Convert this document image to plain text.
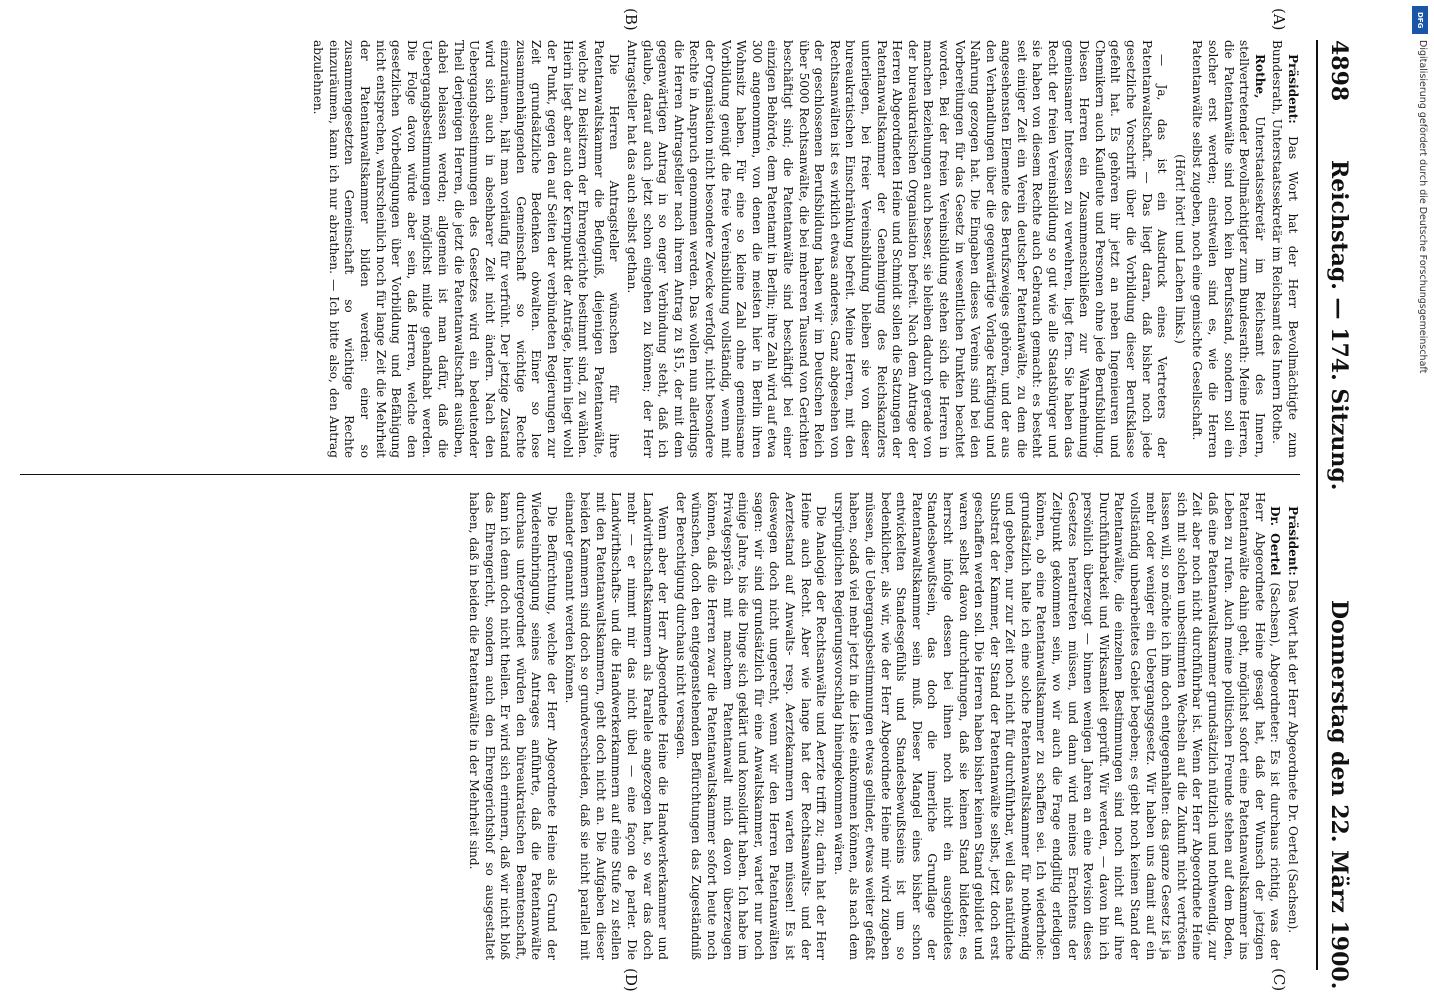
4898
Reichstag. — 174. Sitzung.
Donnerstag den 22. März 1900.
(A)
(B)
(C)
(D)

Präsident: Das Wort hat der Herr Bevollmächtigte zum Bundesrath, Unterstaatssekretär im Reichsamt des Innern Rothe.

Rothe, Unterstaatssekretär im Reichsamt des Innern, stellvertretender Bevollmächtigter zum Bundesrath: Meine Herren, die Patentanwälte sind noch kein Berufsstand, sondern soll ein solcher erst werden; einstweilen sind es, wie die Herren Patentanwälte selbst zugeben, noch eine gemischte Gesellschaft.

(Hört! hört! und Lachen links.)

— Ja, das ist ein Ausdruck eines Vertreters der Patentanwaltschaft. — Das liegt daran, daß bisher noch jede gesetzliche Vorschrift über die Vorbildung dieser Berufsklasse gefehlt hat. Es gehören ihr jetzt an neben Ingenieuren und Chemikern auch Kaufleute und Personen ohne jede Berufsbildung. Diesen Herren ein Zusammenschließen zur Wahrnehmung gemeinsamer Interessen zu verwehren, liegt fern. Sie haben das Recht der freien Vereinsbildung so gut wie alle Staatsbürger und sie haben von diesem Rechte auch Gebrauch gemacht: es besteht seit einiger Zeit ein Verein deutscher Patentanwälte, zu dem die angesehensten Elemente des Berufszweiges gehören, und der aus den Verhandlungen über die gegenwärtige Vorlage kräftigung und Nahrung gezogen hat. Die Eingaben dieses Vereins sind bei den Vorbereitungen für das Gesetz in wesentlichen Punkten beachtet worden. Bei der freien Vereinsbildung stehen sich die Herren in manchen Beziehungen auch besser, sie bleiben dadurch gerade von der bureaukratischen Organisation befreit. Nach dem Antrage der Herren Abgeordneten Heine und Schmidt sollen die Satzungen der Patentanwaltskammer der Genehmigung des Reichskanzlers unterliegen, bei freier Vereinsbildung bleiben sie von dieser bureaukratischen Einschränkung befreit. Meine Herren, mit den Rechtsanwälten ist es wirklich etwas anderes. Ganz abgesehen von der geschlossenen Berufsbildung haben wir im Deutschen Reich über 5000 Rechtsanwälte, die bei mehreren Tausend von Gerichten beschäftigt sind; die Patentanwälte sind beschäftigt bei einer einzigen Behörde, dem Patentamt in Berlin; ihre Zahl wird auf etwa 300 angenommen, von denen die meisten hier in Berlin ihren Wohnsitz haben. Für eine so kleine Zahl ohne gemeinsame Vorbildung genügt die freie Vereinsbildung vollständig, wenn mit der Organisation nicht besondere Zwecke verfolgt, nicht besondere Rechte in Anspruch genommen werden. Das wollen nun allerdings die Herren Antragsteller nach ihrem Antrag zu §15, der mit dem gegenwärtigen Antrag in so enger Verbindung steht, daß ich glaube, darauf auch jetzt schon eingehen zu können; der Herr Antragsteller hat das auch selbst gethan.

Die Herren Antragsteller wünschen für ihre Patentanwaltskammer die Befugniß, diejenigen Patentanwälte, welche zu Beisitzern der Ehrengerichte bestimmt sind, zu wählen. Hierin liegt aber auch der Kernpunkt der Anträge, hierin liegt wohl der Punkt, gegen den auf Seiten der verbündeten Regierungen zur Zeit grundsätzliche Bedenken obwalten. Einer so lose zusammenhängenden Gemeinschaft so wichtige Rechte einzuräumen, hält man vorläufig für verfrüht. Der jetzige Zustand wird sich auch in absehbarer Zeit nicht ändern. Nach den Uebergangsbestimmungen des Gesetzes wird ein bedeutender Theil derjenigen Herren, die jetzt die Patentanwaltschaft ausüben, dabei belassen werden; allgemein ist man dafür, daß die Uebergangsbestimmungen möglichst milde gehandhabt werden. Die Folge davon würde aber sein, daß Herren, welche den gesetzlichen Vorbedingungen über Vorbildung und Befähigung nicht entsprechen, wahrscheinlich noch für lange Zeit die Mehrheit der Patentanwaltskammer bilden werden: einer so zusammengesetzten Gemeinschaft so wichtige Rechte einzuräumen, kann ich nur abrathen. — Ich bitte also, den Antrag abzulehnen.

Präsident: Das Wort hat der Herr Abgeordnete Dr. Oertel (Sachsen).

Dr. Oertel (Sachsen), Abgeordneter: Es ist durchaus richtig, was der Herr Abgeordnete Heine gesagt hat, daß der Wunsch der jetzigen Patentanwälte dahin geht, möglichst sofort eine Patentanwaltskammer ins Leben zu rufen. Auch meine politischen Freunde stehen auf dem Boden, daß eine Patentanwaltskammer grundsätzlich nützlich und nothwendig, zur Zeit aber noch nicht durchführbar ist. Wenn der Herr Abgeordnete Heine sich mit solchen unbestimmten Wechseln auf die Zukunft nicht vertrösten lassen will, so möchte ich ihm doch entgegenhalten: das ganze Gesetz ist ja mehr oder weniger ein Uebergangsgesetz. Wir haben uns damit auf ein vollständig unbearbeitetes Gebiet begeben; es giebt noch keinen Stand der Patentanwälte, die einzelnen Bestimmungen sind noch nicht auf ihre Durchführbarkeit und Wirksamkeit geprüft. Wir werden, — davon bin ich persönlich überzeugt — binnen wenigen Jahren an eine Revision dieses Gesetzes herantreten müssen, und dann wird meines Erachtens der Zeitpunkt gekommen sein, wo wir auch die Frage endgiltig erledigen können, ob eine Patentanwaltskammer zu schaffen sei. Ich wiederhole: grundsätzlich halte ich eine solche Patentanwaltskammer für nothwendig und geboten, nur zur Zeit noch nicht für durchführbar, weil das natürliche Substrat der Kammer, der Stand der Patentanwälte selbst, jetzt doch erst geschaffen werden soll. Die Herren haben bisher keinen Stand gebildet und waren selbst davon durchdrungen, daß sie keinen Stand bildeten; es herrscht infolge dessen bei ihnen noch nicht ein ausgebildetes Standesbewußtsein, das doch die innerliche Grundlage der Patentanwaltskammer sein muß. Dieser Mangel eines bisher schon entwickelten Standesgefühls und Standesbewußtseins ist um so bedenklicher, als wir, wie der Herr Abgeordnete Heine mir wird zugeben müssen, die Uebergangsbestimmungen etwas gelinder, etwas weiter gefaßt haben, sodaß viel mehr jetzt in die Liste einkommen können, als nach dem ursprünglichen Regierungsvorschlag hineingekommen wären.

Die Analogie der Rechtsanwälte und Aerzte trifft zu; darin hat der Herr Heine auch Recht. Aber wie lange hat der Rechtsanwalts- und der Aerztestand auf Anwalts- resp. Aerztekammern warten müssen! Es ist deswegen doch nicht ungerecht, wenn wir den Herren Patentanwälten sagen: wir sind grundsätzlich für eine Anwaltskammer, wartet nur noch einige Jahre, bis die Dinge sich geklärt und konsolidirt haben. Ich habe im Privatgespräch mit manchem Patentanwalt mich davon überzeugen können, daß die Herren zwar die Patentanwaltskammer sofort heute noch wünschen, doch den entgegenstehenden Befürchtungen das Zugeständniß der Berechtigung durchaus nicht versagen.

Wenn aber der Herr Abgeordnete Heine die Handwerkerkammer und Landwirthschaftskammern als Parallele angezogen hat, so war das doch mehr — er nimmt mir das nicht übel — eine façon de parler. Die Landwirthschafts- und die Handwerkerkammern auf eine Stufe zu stellen mit den Patentanwaltskammern, geht doch nicht an. Die Aufgaben dieser beiden Kammern sind doch so grundverschieden, daß sie nicht parallel mit einander genannt werden können.

Die Befürchtung, welche der Herr Abgeordnete Heine als Grund der Wiedereinbringung seines Antrages anführte, daß die Patentanwälte durchaus untergeordnet würden den büreaukratischen Beamtenschaft, kann ich denn doch nicht theilen. Er wird sich erinnern, daß wir nicht bloß das Ehrengericht, sondern auch den Ehrengerichtshof so ausgestaltet haben, daß in beiden die Patentanwälte in der Mehrheit sind.

DFG
Digitalisierung gefördert durch die Deutsche Forschungsgemeinschaft
